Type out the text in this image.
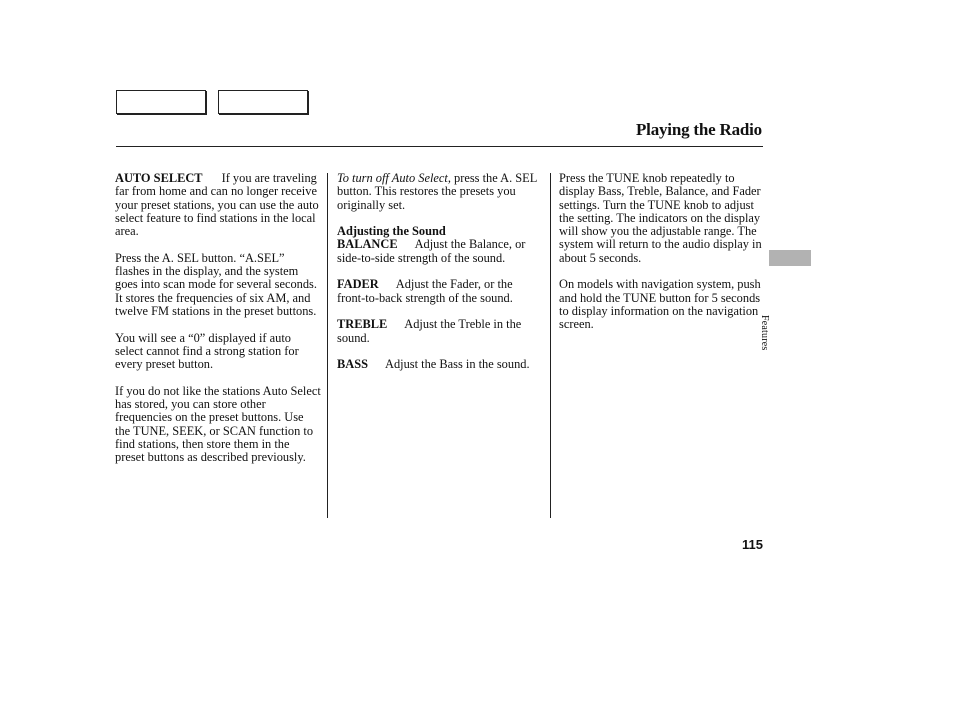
Playing the Radio

AUTO SELECT If you are traveling far from home and can no longer receive your preset stations, you can use the auto select feature to find stations in the local area.

Press the A. SEL button. “A.SEL” flashes in the display, and the system goes into scan mode for several seconds. It stores the frequencies of six AM, and twelve FM stations in the preset buttons.

You will see a “0” displayed if auto select cannot find a strong station for every preset button.

If you do not like the stations Auto Select has stored, you can store other frequencies on the preset buttons. Use the TUNE, SEEK, or SCAN function to find stations, then store them in the preset buttons as described previously.

To turn off Auto Select, press the A. SEL button. This restores the presets you originally set.

Adjusting the Sound

BALANCE Adjust the Balance, or side-to-side strength of the sound.

FADER Adjust the Fader, or the front-to-back strength of the sound.

TREBLE Adjust the Treble in the sound.

BASS Adjust the Bass in the sound.

Press the TUNE knob repeatedly to display Bass, Treble, Balance, and Fader settings. Turn the TUNE knob to adjust the setting. The indicators on the display will show you the adjustable range. The system will return to the audio display in about 5 seconds.

On models with navigation system, push and hold the TUNE button for 5 seconds to display information on the navigation screen.	Features
115
